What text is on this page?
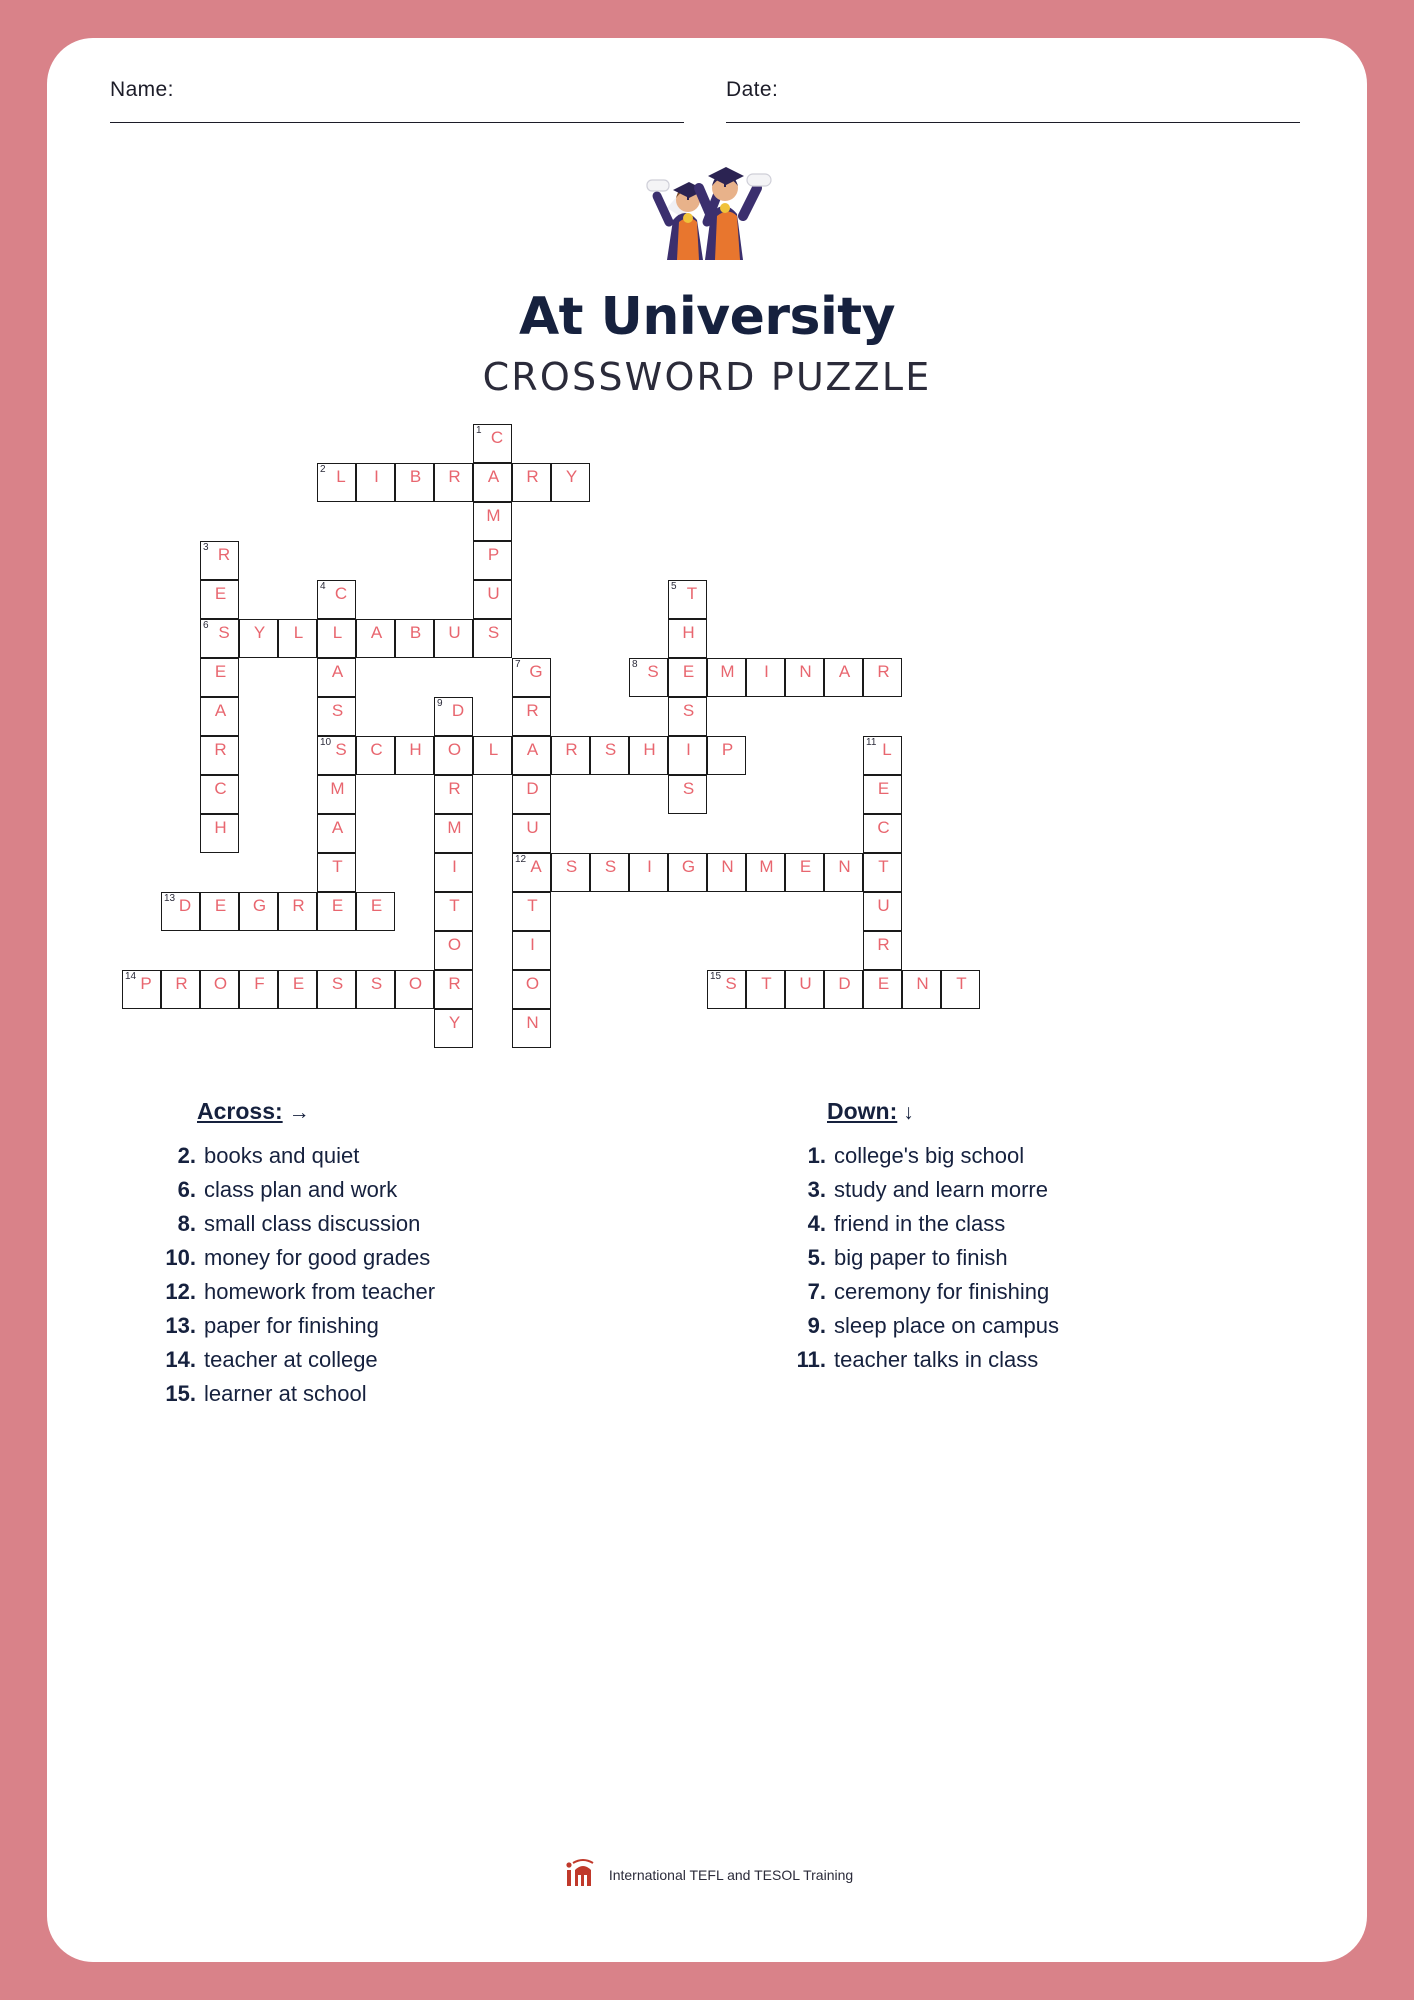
Name:	Date:
At University
CROSSWORD PUZZLE
1 C
A
M
P
U
S
2 L	I	B	R	R	Y
3 R
E
6 S
E
A
R
C
H
4 C
L
A
S
10 S
M
A
T
E
5 T
H
E
S
I
S
Y	L	A	B	U
7 G
R
A
D
U
12 A
T
I
O
N
8 S	M	I	N	A	R
9 D
O
R
M
I
T
O
R
Y
C	H	L	R	S	H	P	11 L
E
C
T
U
R
E
S	S	I	G	N	M	E	N
13 D	E	G	R	E
14 P	R	O	F	E	S	S	O	15 S	T	U	D	N	T
Across: →
2. books and quiet
6. class plan and work
8. small class discussion
10. money for good grades
12. homework from teacher
13. paper for finishing
14. teacher at college
15. learner at school
Down: ↓
1. college's big school
3. study and learn morre
4. friend in the class
5. big paper to finish
7. ceremony for finishing
9. sleep place on campus
11. teacher talks in class
International TEFL and TESOL Training
